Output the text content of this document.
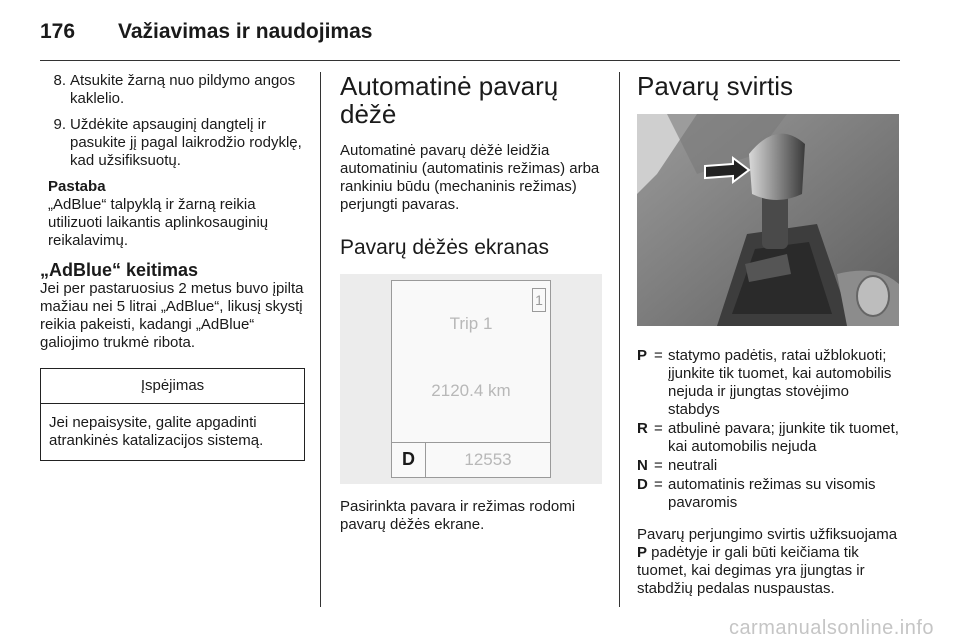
176 Važiavimas ir naudojimas
8. Atsukite žarną nuo pildymo angos kaklelio.
9. Uždėkite apsauginį dangtelį ir pasukite jį pagal laikrodžio rodyklę, kad užsifiksuotų.
Pastaba
„AdBlue“ talpyklą ir žarną reikia utilizuoti laikantis aplinkosauginių reikalavimų.
„AdBlue“ keitimas
Jei per pastaruosius 2 metus buvo įpilta mažiau nei 5 litrai „AdBlue“, likusį skystį reikia pakeisti, kadangi „AdBlue“ galiojimo trukmė ribota.
Įspėjimas
Jei nepaisysite, galite apgadinti atrankinės katalizacijos sistemą.
Automatinė pavarų dėžė
Automatinė pavarų dėžė leidžia automatiniu (automatinis režimas) arba rankiniu būdu (mechaninis režimas) perjungti pavaras.
Pavarų dėžės ekranas
1
Trip 1
2120.4 km
D	12553
Pasirinkta pavara ir režimas rodomi pavarų dėžės ekrane.
Pavarų svirtis
P = statymo padėtis, ratai užblokuoti; įjunkite tik tuomet, kai automobilis nejuda ir įjungtas stovėjimo stabdys
R = atbulinė pavara; įjunkite tik tuomet, kai automobilis nejuda
N = neutrali
D = automatinis režimas su visomis pavaromis
Pavarų perjungimo svirtis užfiksuojama P padėtyje ir gali būti keičiama tik tuomet, kai degimas yra įjungtas ir stabdžių pedalas nuspaustas.
carmanualsonline.info
